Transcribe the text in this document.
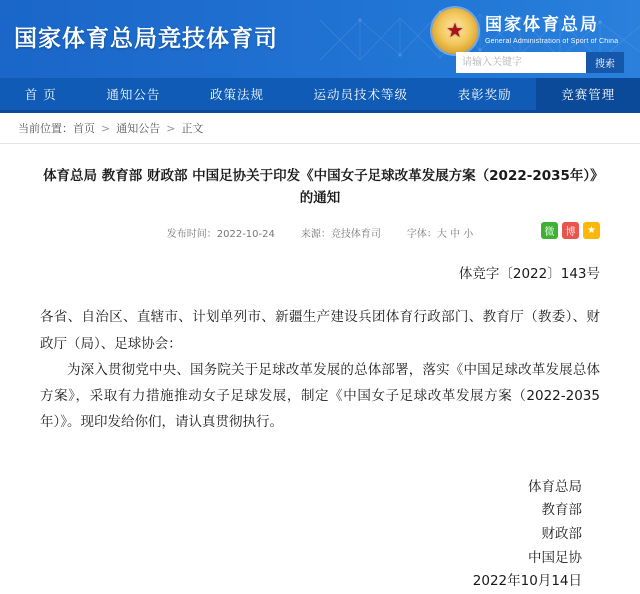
国家体育总局竞技体育司
★
国家体育总局
General Administration of Sport of China
请输入关键字
搜索
首 页	通知公告	政策法规	运动员技术等级	表彰奖励	竞赛管理
当前位置： 首页 > 通知公告 > 正文
体育总局 教育部 财政部 中国足协关于印发《中国女子足球改革发展方案（2022-2035年）》的通知
发布时间：2022-10-24	来源：竞技体育司	字体：大 中 小	微	博	★
体竞字〔2022〕143号

各省、自治区、直辖市、计划单列市、新疆生产建设兵团体育行政部门、教育厅（教委）、财政厅（局）、足球协会：

为深入贯彻党中央、国务院关于足球改革发展的总体部署，落实《中国足球改革发展总体方案》，采取有力措施推动女子足球发展，制定《中国女子足球改革发展方案（2022-2035年）》。现印发给你们，请认真贯彻执行。

体育总局
教育部
财政部
中国足协
2022年10月14日
